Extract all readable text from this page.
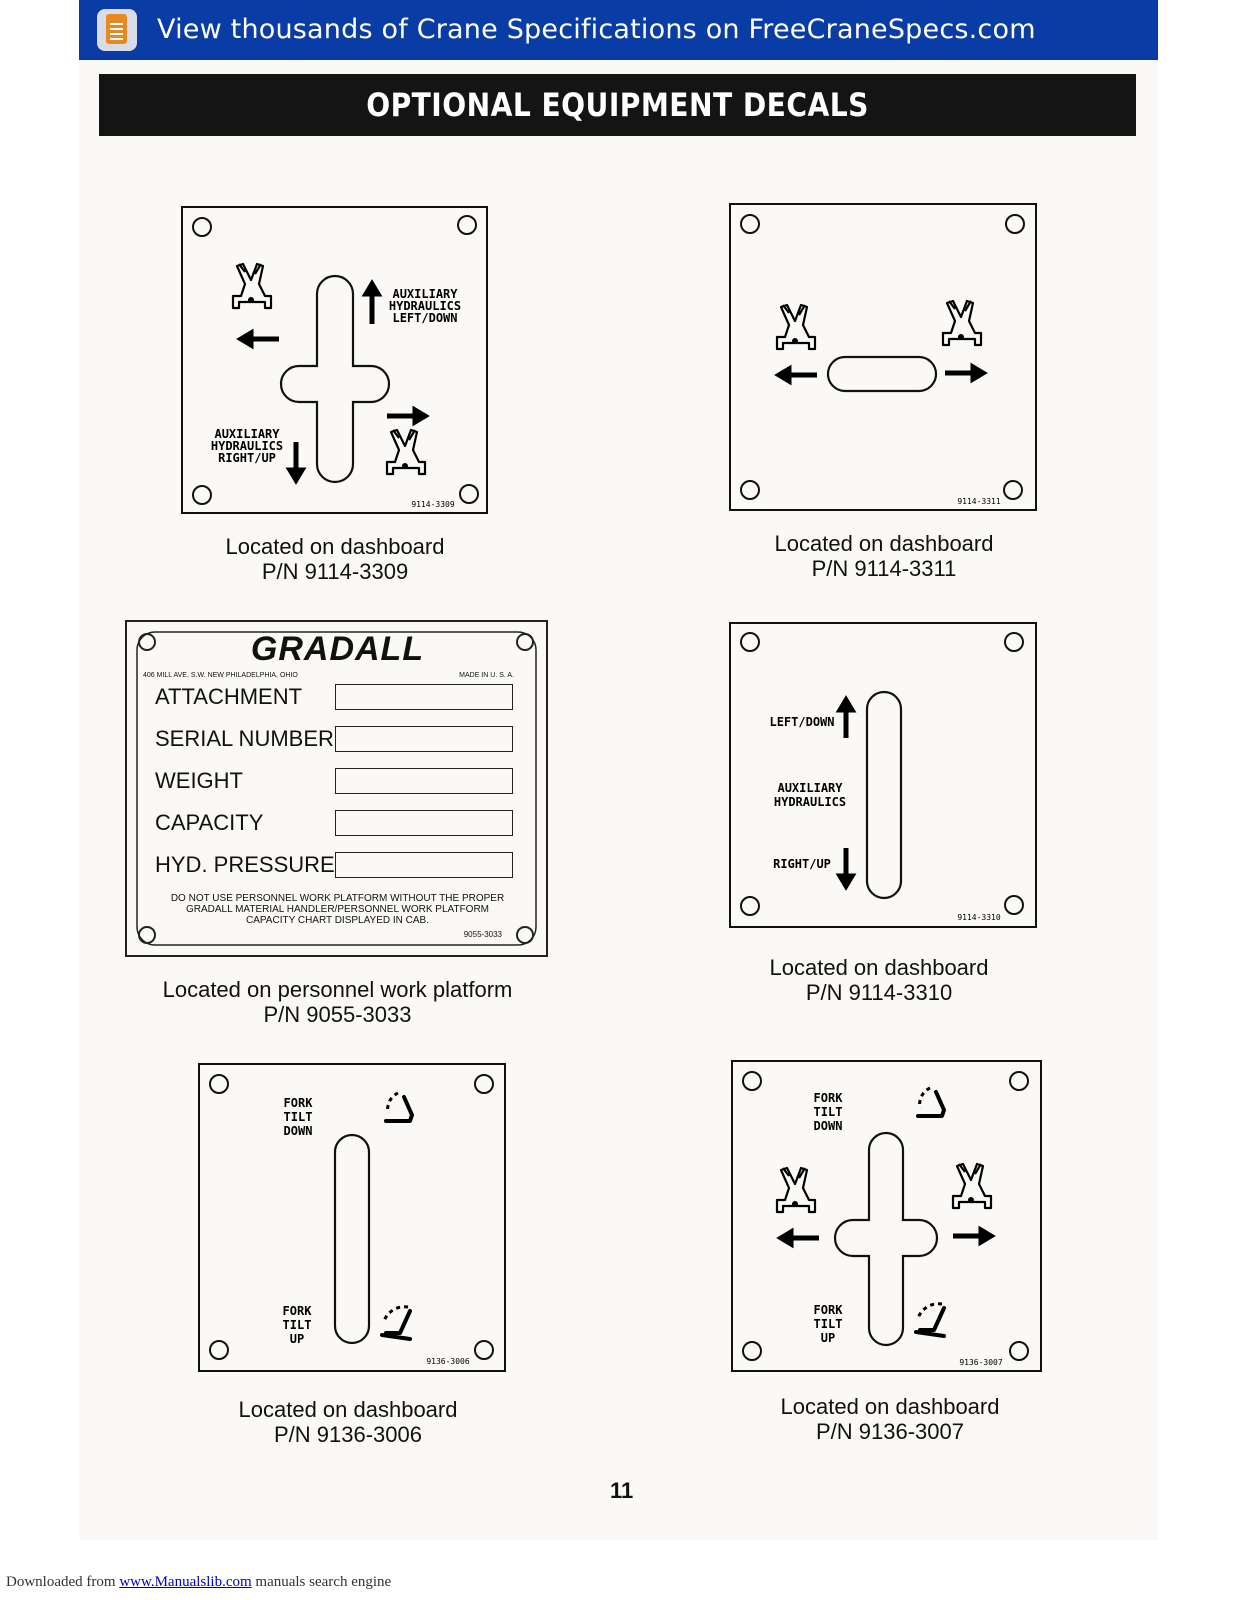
View thousands of Crane Specifications on FreeCraneSpecs.com
OPTIONAL EQUIPMENT DECALS
AUXILIARY
HYDRAULICS
LEFT/DOWN
AUXILIARY
HYDRAULICS
RIGHT/UP
9114-3309
Located on dashboard
P/N 9114-3309
9114-3311
Located on dashboard
P/N 9114-3311
GRADALL
406 MILL AVE. S.W. NEW PHILADELPHIA, OHIO	MADE IN U. S. A.
ATTACHMENT
SERIAL NUMBER
WEIGHT
CAPACITY
HYD. PRESSURE
DO NOT USE PERSONNEL WORK PLATFORM WITHOUT THE PROPER GRADALL MATERIAL HANDLER/PERSONNEL WORK PLATFORM CAPACITY CHART DISPLAYED IN CAB.
9055-3033
Located on personnel work platform
P/N 9055-3033
LEFT/DOWN
AUXILIARY
HYDRAULICS
RIGHT/UP
9114-3310
Located on dashboard
P/N 9114-3310
FORK
TILT
DOWN
FORK
TILT
UP
9136-3006
Located on dashboard
P/N 9136-3006
FORK
TILT
DOWN
FORK
TILT
UP
9136-3007
Located on dashboard
P/N 9136-3007
11
Downloaded from www.Manualslib.com manuals search engine
